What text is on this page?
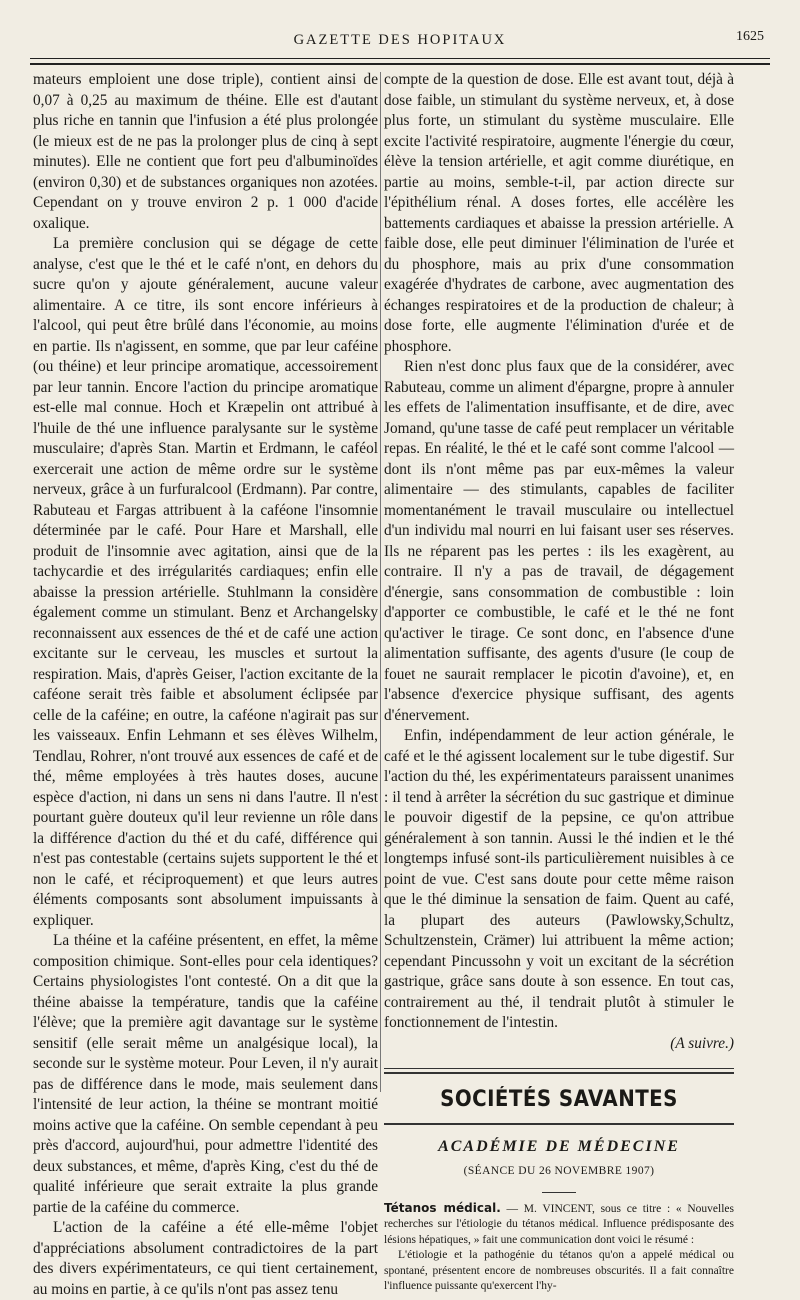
GAZETTE DES HOPITAUX	1625

mateurs emploient une dose triple), contient ainsi de 0,07 à 0,25 au maximum de théine. Elle est d'autant plus riche en tannin que l'infusion a été plus prolongée (le mieux est de ne pas la prolonger plus de cinq à sept minutes). Elle ne contient que fort peu d'albuminoïdes (environ 0,30) et de substances organiques non azotées. Cependant on y trouve environ 2 p. 1 000 d'acide oxalique.

La première conclusion qui se dégage de cette analyse, c'est que le thé et le café n'ont, en dehors du sucre qu'on y ajoute généralement, aucune valeur alimentaire. A ce titre, ils sont encore inférieurs à l'alcool, qui peut être brûlé dans l'économie, au moins en partie. Ils n'agissent, en somme, que par leur caféine (ou théine) et leur principe aromatique, accessoirement par leur tannin. Encore l'action du principe aromatique est-elle mal connue. Hoch et Kræpelin ont attribué à l'huile de thé une influence paralysante sur le système musculaire; d'après Stan. Martin et Erdmann, le caféol exercerait une action de même ordre sur le système nerveux, grâce à un furfuralcool (Erdmann). Par contre, Rabuteau et Fargas attribuent à la caféone l'insomnie déterminée par le café. Pour Hare et Marshall, elle produit de l'insomnie avec agitation, ainsi que de la tachycardie et des irrégularités cardiaques; enfin elle abaisse la pression artérielle. Stuhlmann la considère également comme un stimulant. Benz et Archangelsky reconnaissent aux essences de thé et de café une action excitante sur le cerveau, les muscles et surtout la respiration. Mais, d'après Geiser, l'action excitante de la caféone serait très faible et absolument éclipsée par celle de la caféine; en outre, la caféone n'agirait pas sur les vaisseaux. Enfin Lehmann et ses élèves Wilhelm, Tendlau, Rohrer, n'ont trouvé aux essences de café et de thé, même employées à très hautes doses, aucune espèce d'action, ni dans un sens ni dans l'autre. Il n'est pourtant guère douteux qu'il leur revienne un rôle dans la différence d'action du thé et du café, différence qui n'est pas contestable (certains sujets supportent le thé et non le café, et réciproquement) et que leurs autres éléments composants sont absolument impuissants à expliquer.

La théine et la caféine présentent, en effet, la même composition chimique. Sont-elles pour cela identiques? Certains physiologistes l'ont contesté. On a dit que la théine abaisse la température, tandis que la caféine l'élève; que la première agit davantage sur le système sensitif (elle serait même un analgésique local), la seconde sur le système moteur. Pour Leven, il n'y aurait pas de différence dans le mode, mais seulement dans l'intensité de leur action, la théine se montrant moitié moins active que la caféine. On semble cependant à peu près d'accord, aujourd'hui, pour admettre l'identité des deux substances, et même, d'après King, c'est du thé de qualité inférieure que serait extraite la plus grande partie de la caféine du commerce.

L'action de la caféine a été elle-même l'objet d'appréciations absolument contradictoires de la part des divers expérimentateurs, ce qui tient certainement, au moins en partie, à ce qu'ils n'ont pas assez tenu

compte de la question de dose. Elle est avant tout, déjà à dose faible, un stimulant du système nerveux, et, à dose plus forte, un stimulant du système musculaire. Elle excite l'activité respiratoire, augmente l'énergie du cœur, élève la tension artérielle, et agit comme diurétique, en partie au moins, semble-t-il, par action directe sur l'épithélium rénal. A doses fortes, elle accélère les battements cardiaques et abaisse la pression artérielle. A faible dose, elle peut diminuer l'élimination de l'urée et du phosphore, mais au prix d'une consommation exagérée d'hydrates de carbone, avec augmentation des échanges respiratoires et de la production de chaleur; à dose forte, elle augmente l'élimination d'urée et de phosphore.

Rien n'est donc plus faux que de la considérer, avec Rabuteau, comme un aliment d'épargne, propre à annuler les effets de l'alimentation insuffisante, et de dire, avec Jomand, qu'une tasse de café peut remplacer un véritable repas. En réalité, le thé et le café sont comme l'alcool — dont ils n'ont même pas par eux-mêmes la valeur alimentaire — des stimulants, capables de faciliter momentanément le travail musculaire ou intellectuel d'un individu mal nourri en lui faisant user ses réserves. Ils ne réparent pas les pertes : ils les exagèrent, au contraire. Il n'y a pas de travail, de dégagement d'énergie, sans consommation de combustible : loin d'apporter ce combustible, le café et le thé ne font qu'activer le tirage. Ce sont donc, en l'absence d'une alimentation suffisante, des agents d'usure (le coup de fouet ne saurait remplacer le picotin d'avoine), et, en l'absence d'exercice physique suffisant, des agents d'énervement.

Enfin, indépendamment de leur action générale, le café et le thé agissent localement sur le tube digestif. Sur l'action du thé, les expérimentateurs paraissent unanimes : il tend à arrêter la sécrétion du suc gastrique et diminue le pouvoir digestif de la pepsine, ce qu'on attribue généralement à son tannin. Aussi le thé indien et le thé longtemps infusé sont-ils particulièrement nuisibles à ce point de vue. C'est sans doute pour cette même raison que le thé diminue la sensation de faim. Quent au café, la plupart des auteurs (Pawlowsky,Schultz, Schultzenstein, Crämer) lui attribuent la même action; cependant Pincussohn y voit un excitant de la sécrétion gastrique, grâce sans doute à son essence. En tout cas, contrairement au thé, il tendrait plutôt à stimuler le fonctionnement de l'intestin.

(A suivre.)

SOCIÉTÉS SAVANTES
ACADÉMIE DE MÉDECINE
(SÉANCE DU 26 NOVEMBRE 1907)

Tétanos médical. — M. VINCENT, sous ce titre : « Nouvelles recherches sur l'étiologie du tétanos médical. Influence prédisposante des lésions hépatiques, » fait une communication dont voici le résumé :

L'étiologie et la pathogénie du tétanos qu'on a appelé médical ou spontané, présentent encore de nombreuses obscurités. Il a fait connaître l'influence puissante qu'exercent l'hy-
